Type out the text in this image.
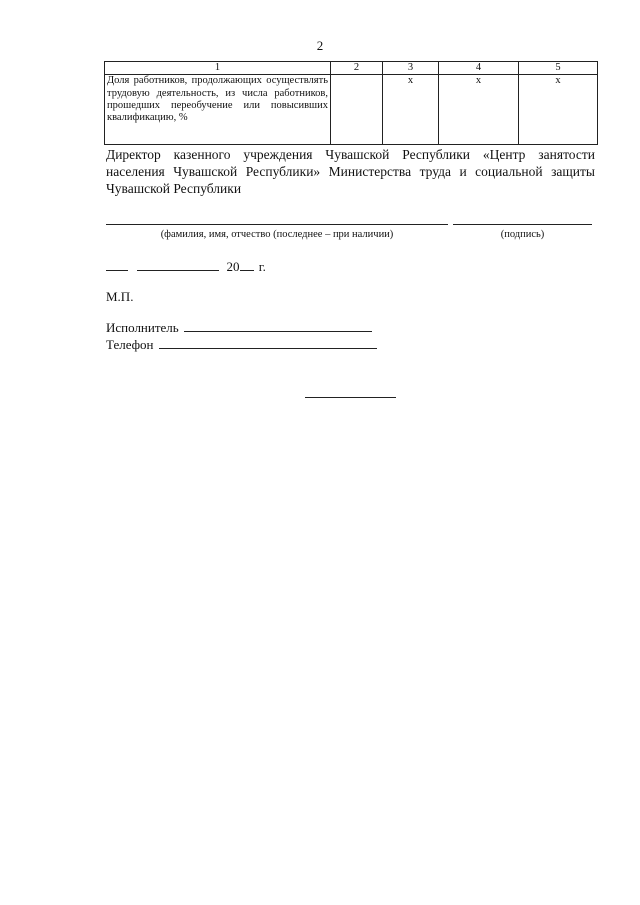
2
1	2	3	4	5
Доля работников, продолжающих осуществлять трудовую деятельность, из числа работников, прошедших переобучение или повысивших квалификацию, %		х	х	х
Директор казенного учреждения Чувашской Республики «Центр занятости населения Чувашской Республики» Министерства труда и социальной защиты Чувашской Республики
(фамилия, имя, отчество (последнее – при наличии)	(подпись)
20 г.
М.П.
Исполнитель
Телефон
